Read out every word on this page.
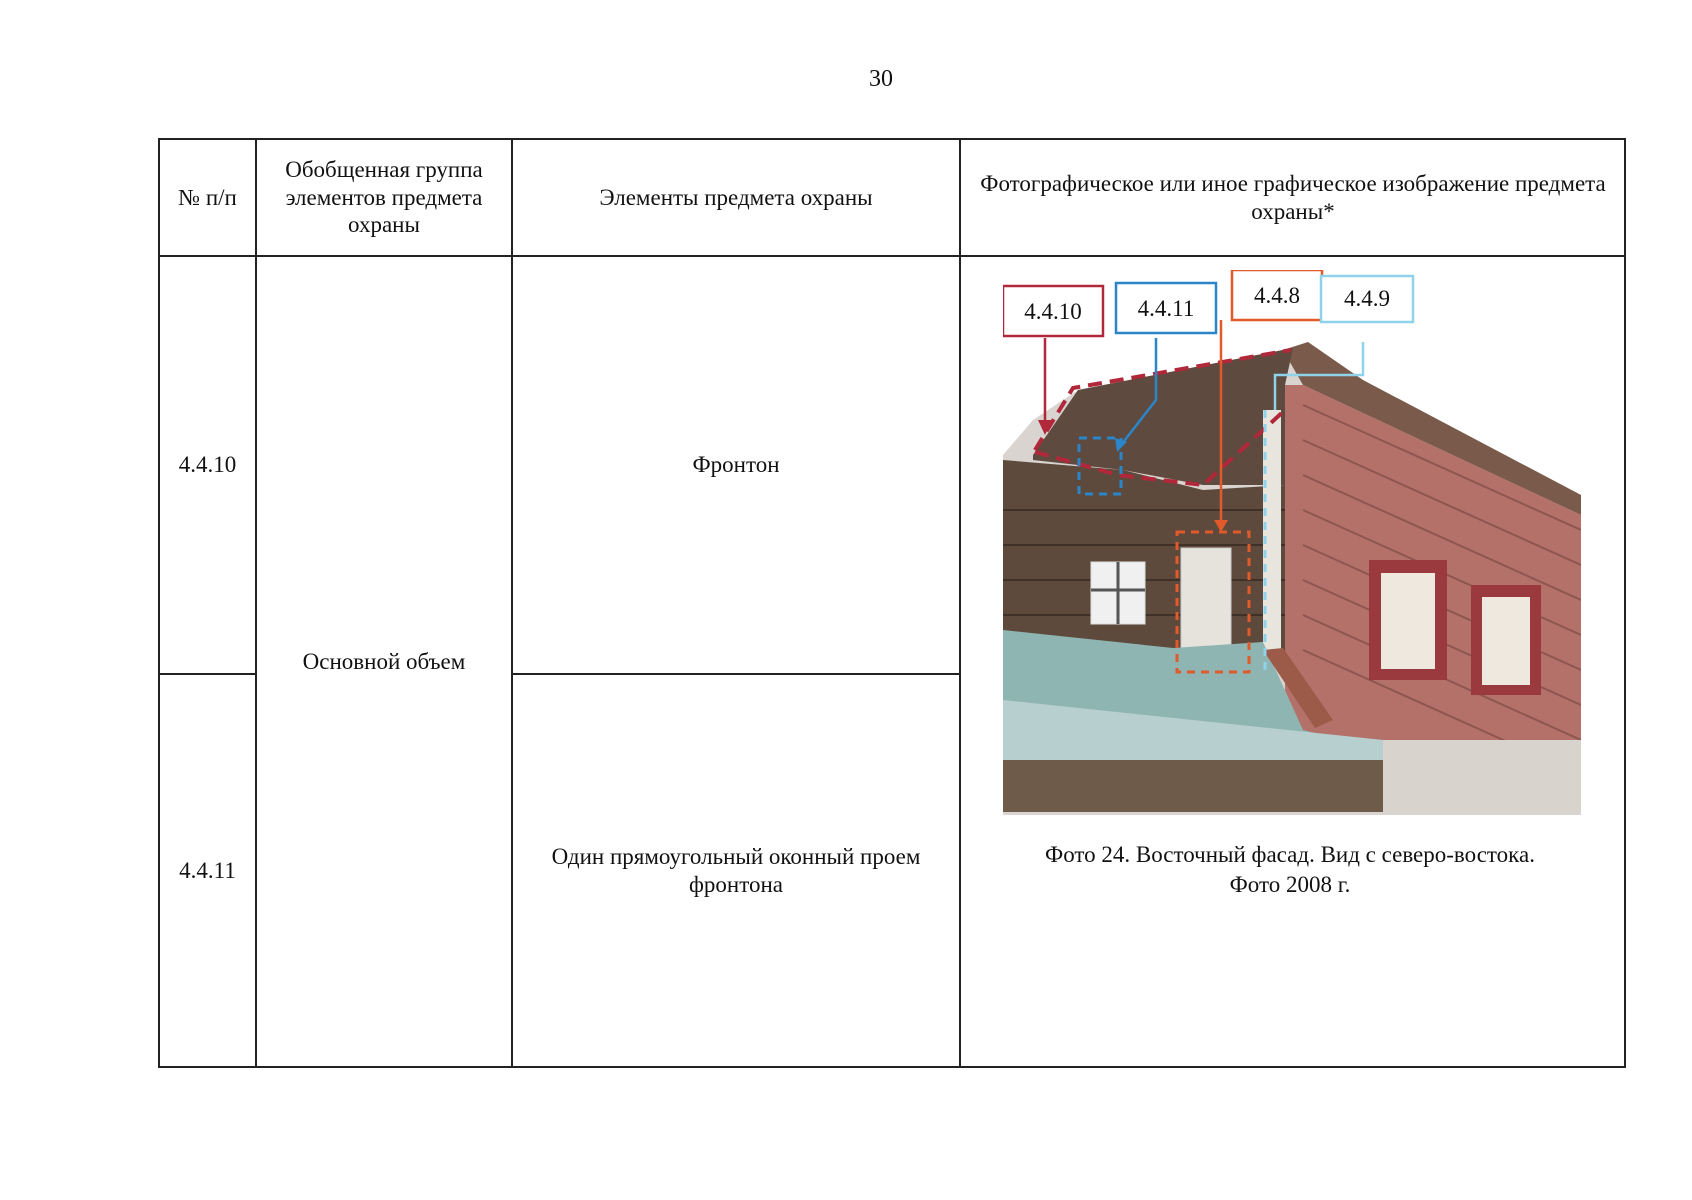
30
№ п/п
Обобщенная группа элементов предмета охраны
Элементы предмета охраны
Фотографическое или иное графическое изображение предмета охраны*
4.4.10	Фронтон
4.4.11
Один прямоугольный оконный проем фронтона
Основной объем
4.4.10 4.4.11
4.4.8 4.4.9
Фото 24. Восточный фасад. Вид с северо-востока.
Фото 2008 г.
